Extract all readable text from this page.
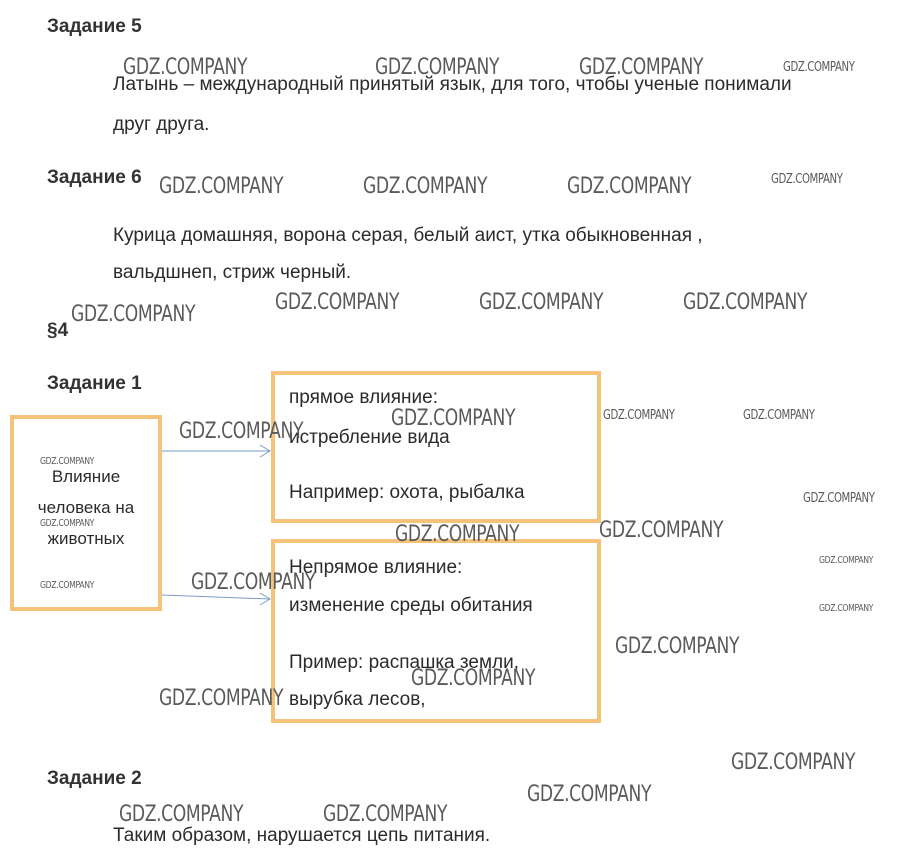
Задание 5
Латынь – международный принятый язык, для того, чтобы ученые понимали
друг друга.
Задание 6
Курица домашняя, ворона серая, белый аист, утка обыкновенная ,
вальдшнеп, стриж черный.
§4
Задание 1
Влияние
человека на
животных
прямое влияние:
истребление вида
Например: охота, рыбалка
Непрямое влияние:
изменение среды обитания
Пример: распашка земли,
вырубка лесов,
Задание 2
Таким образом, нарушается цепь питания.
GDZ.COMPANY	GDZ.COMPANY	GDZ.COMPANY	GDZ.COMPANY
GDZ.COMPANY	GDZ.COMPANY	GDZ.COMPANY	GDZ.COMPANY
GDZ.COMPANY	GDZ.COMPANY	GDZ.COMPANY	GDZ.COMPANY
GDZ.COMPANY
GDZ.COMPANY	GDZ.COMPANY	GDZ.COMPANY
GDZ.COMPANY
GDZ.COMPANY
GDZ.COMPANY
GDZ.COMPANY
GDZ.COMPANY	GDZ.COMPANY
GDZ.COMPANY
GDZ.COMPANY
GDZ.COMPANY
GDZ.COMPANY
GDZ.COMPANY
GDZ.COMPANY
GDZ.COMPANY
GDZ.COMPANY
GDZ.COMPANY	GDZ.COMPANY
